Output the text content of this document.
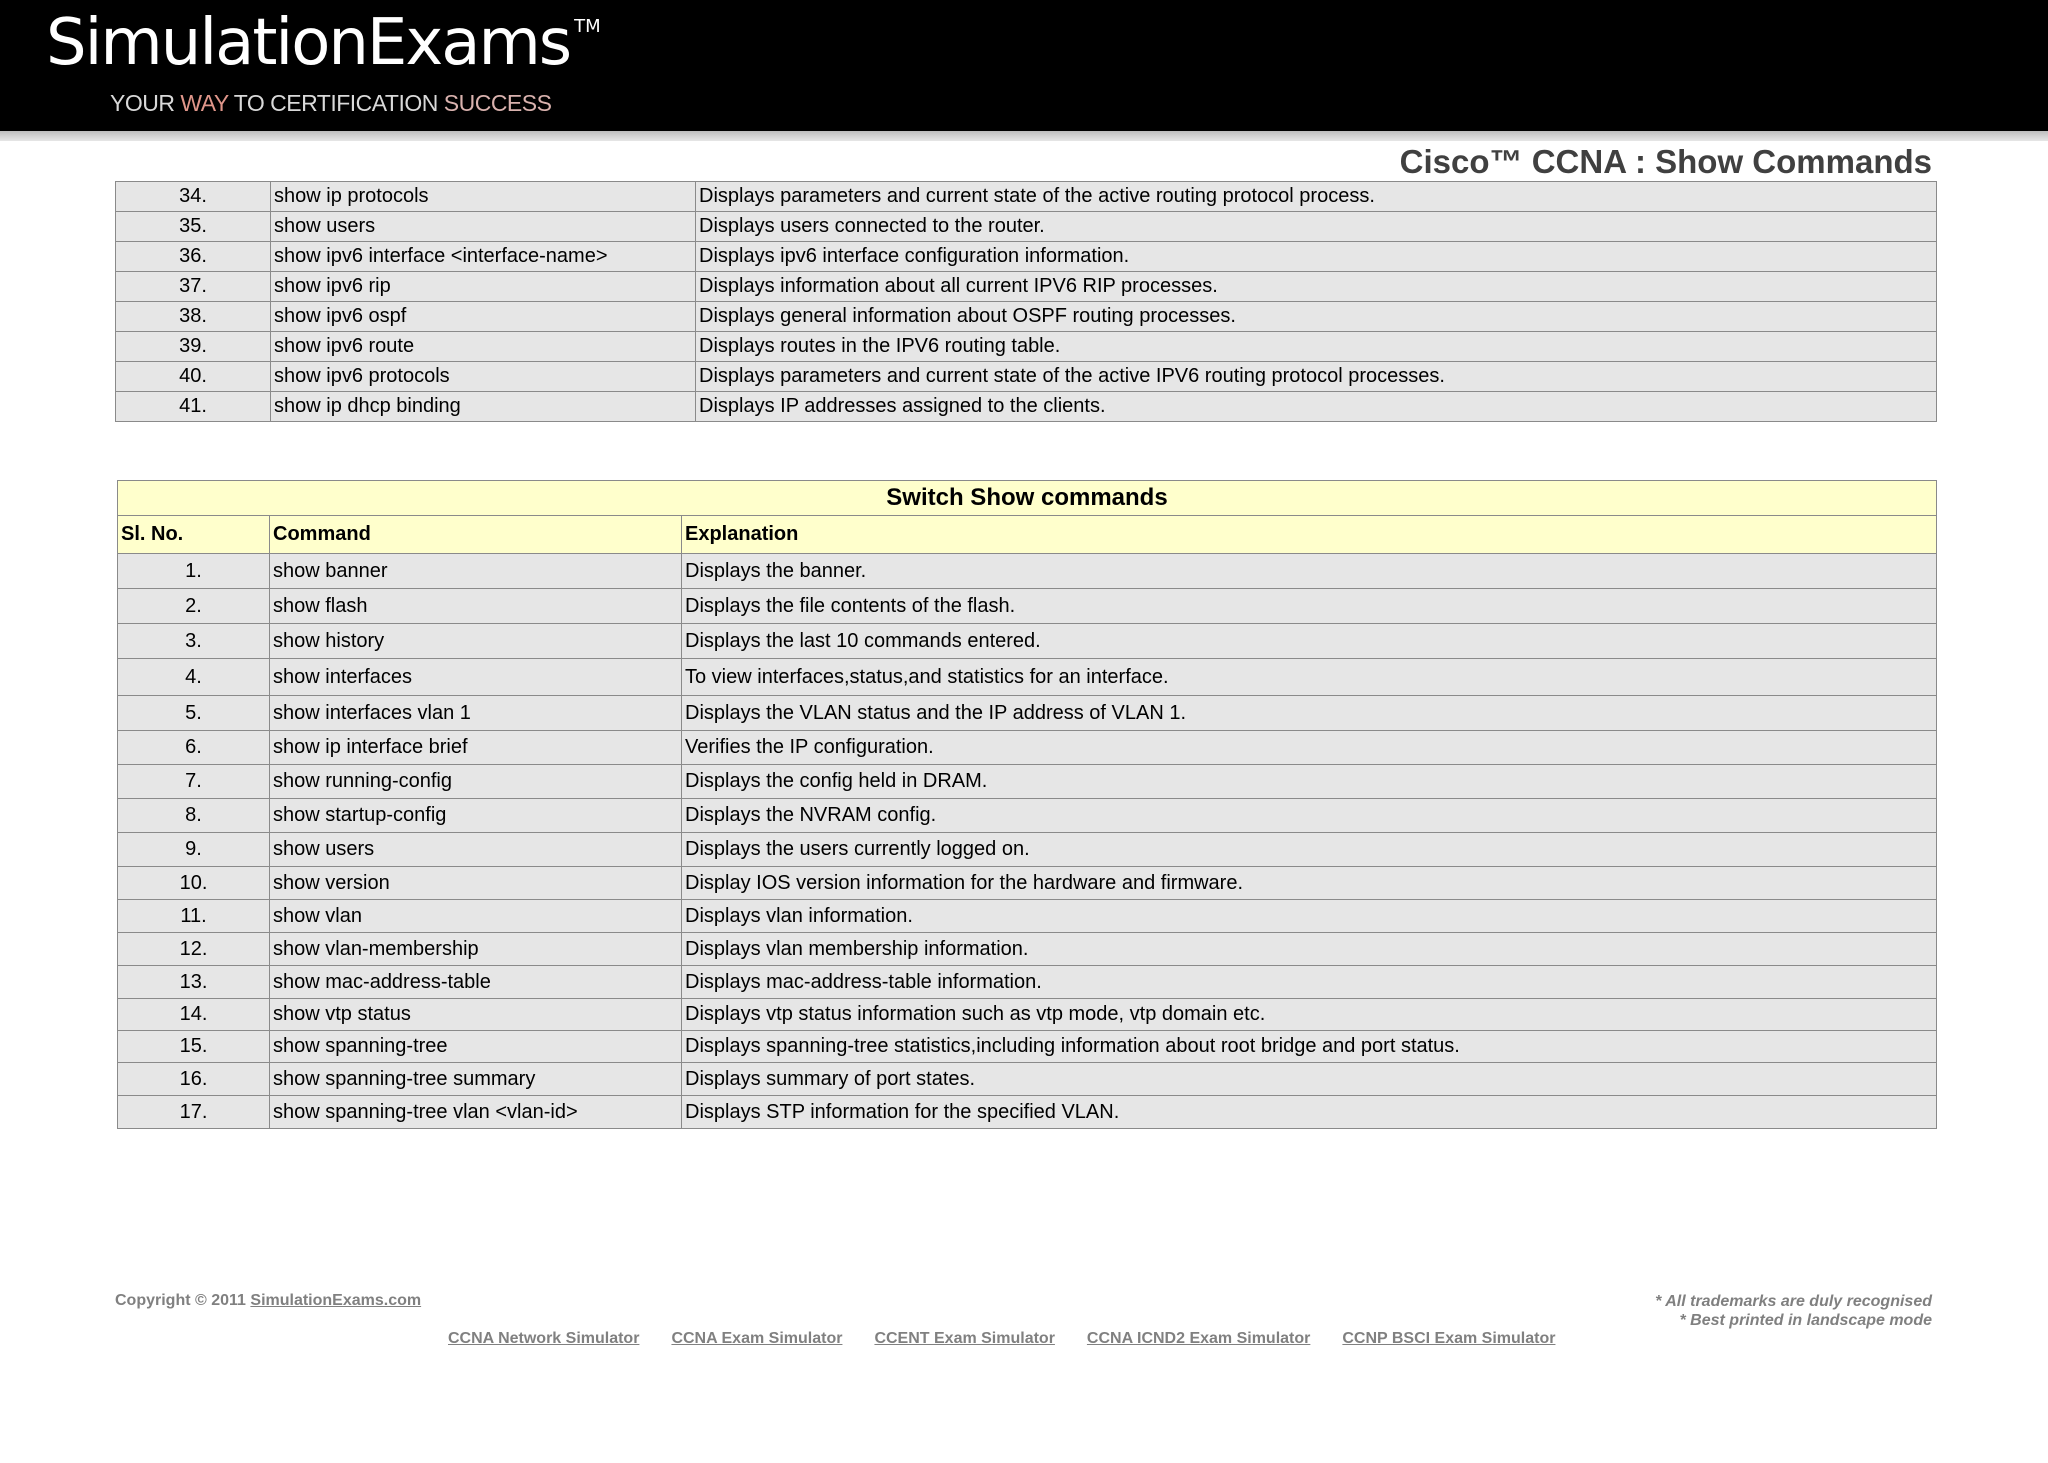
SimulationExams ™
YOUR WAY TO CERTIFICATION SUCCESS
Cisco™ CCNA : Show Commands
34.	show ip protocols	Displays parameters and current state of the active routing protocol process.
35.	show users	Displays users connected to the router.
36.	show ipv6 interface <interface-name>	Displays ipv6 interface configuration information.
37.	show ipv6 rip	Displays information about all current IPV6 RIP processes.
38.	show ipv6 ospf	Displays general information about OSPF routing processes.
39.	show ipv6 route	Displays routes in the IPV6 routing table.
40.	show ipv6 protocols	Displays parameters and current state of the active IPV6 routing protocol processes.
41.	show ip dhcp binding	Displays IP addresses assigned to the clients.
Switch Show commands		
Sl. No.	Command	Explanation
1.	show banner	Displays the banner.
2.	show flash	Displays the file contents of the flash.
3.	show history	Displays the last 10 commands entered.
4.	show interfaces	To view interfaces,status,and statistics for an interface.
5.	show interfaces vlan 1	Displays the VLAN status and the IP address of VLAN 1.
6.	show ip interface brief	Verifies the IP configuration.
7.	show running-config	Displays the config held in DRAM.
8.	show startup-config	Displays the NVRAM config.
9.	show users	Displays the users currently logged on.
10.	show version	Display IOS version information for the hardware and firmware.
11.	show vlan	Displays vlan information.
12.	show vlan-membership	Displays vlan membership information.
13.	show mac-address-table	Displays mac-address-table information.
14.	show vtp status	Displays vtp status information such as vtp mode, vtp domain etc.
15.	show spanning-tree	Displays spanning-tree statistics,including information about root bridge and port status.
16.	show spanning-tree summary	Displays summary of port states.
17.	show spanning-tree vlan <vlan-id>	Displays STP information for the specified VLAN.
Copyright © 2011 SimulationExams.com	* All trademarks are duly recognised
* Best printed in landscape mode
CCNA Network Simulator CCNA Exam Simulator CCENT Exam Simulator CCNA ICND2 Exam Simulator CCNP BSCI Exam Simulator
